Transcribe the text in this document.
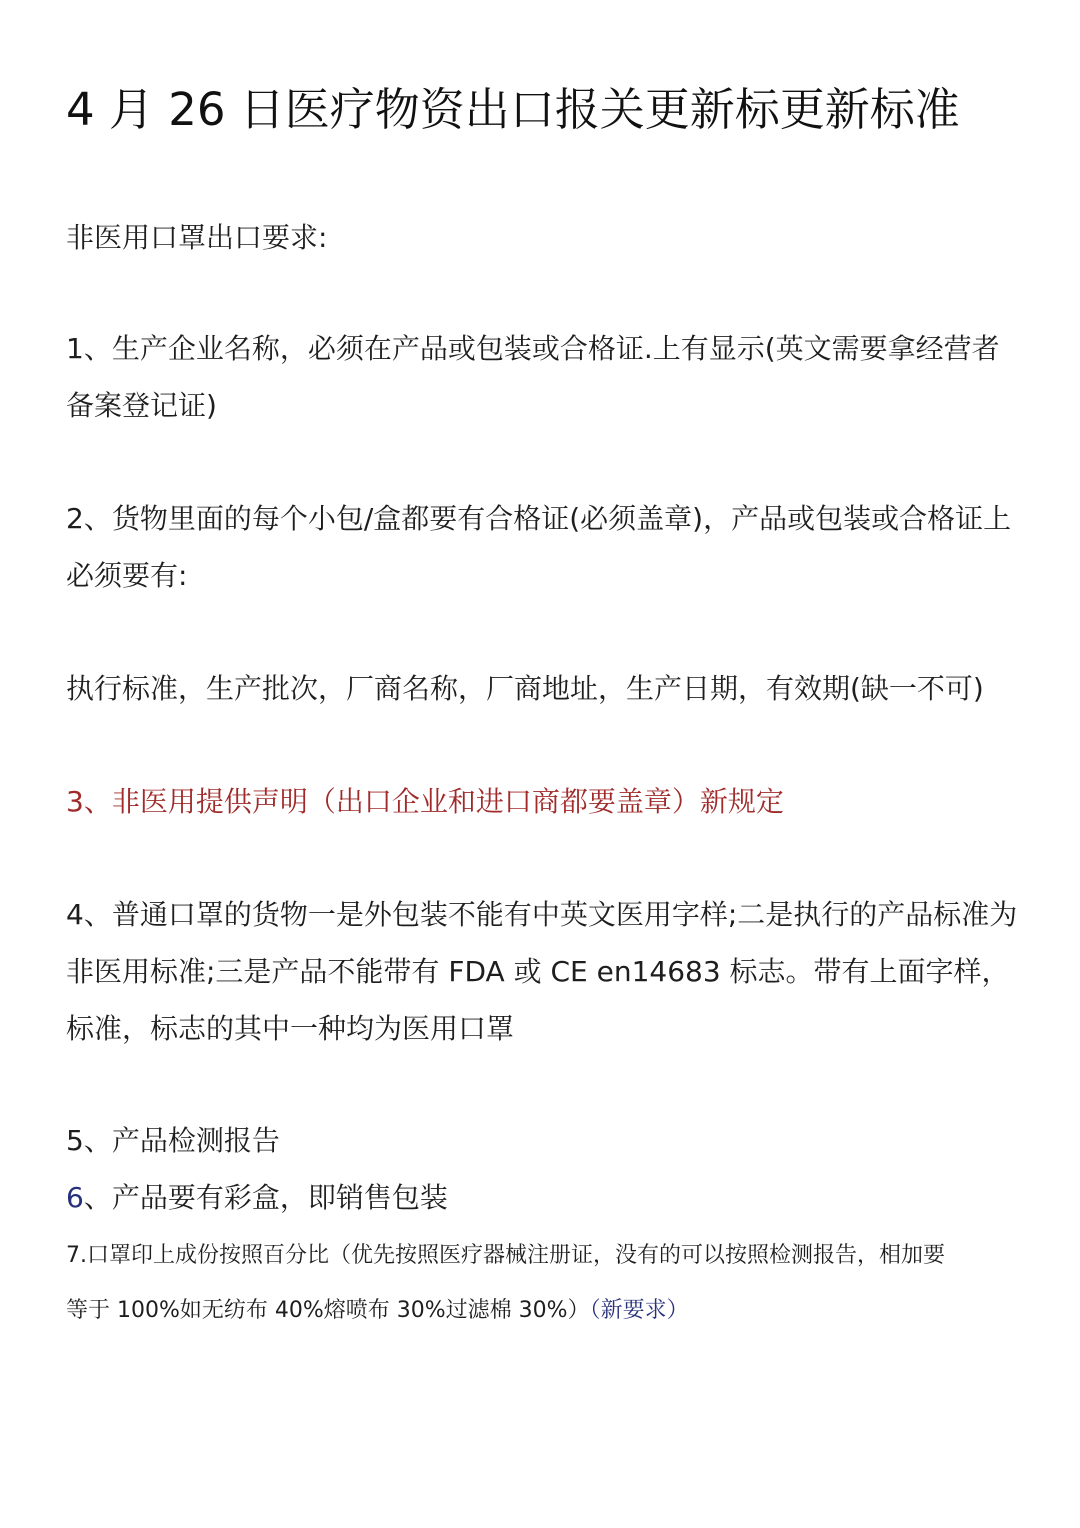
4 月 26 日医疗物资出口报关更新标更新标准

非医用口罩出口要求:

1、生产企业名称，必须在产品或包装或合格证.上有显示(英文需要拿经营者备案登记证)

2、货物里面的每个小包/盒都要有合格证(必须盖章)，产品或包装或合格证上必须要有:

执行标准，生产批次，厂商名称，厂商地址，生产日期，有效期(缺一不可)

3、非医用提供声明（出口企业和进口商都要盖章）新规定

4、普通口罩的货物一是外包装不能有中英文医用字样;二是执行的产品标准为非医用标准;三是产品不能带有 FDA 或 CE en14683 标志。带有上面字样，标准，标志的其中一种均为医用口罩

5、产品检测报告

6、产品要有彩盒，即销售包装

7.口罩印上成份按照百分比（优先按照医疗器械注册证，没有的可以按照检测报告，相加要

等于 100%如无纺布 40%熔喷布 30%过滤棉 30%）（新要求）
